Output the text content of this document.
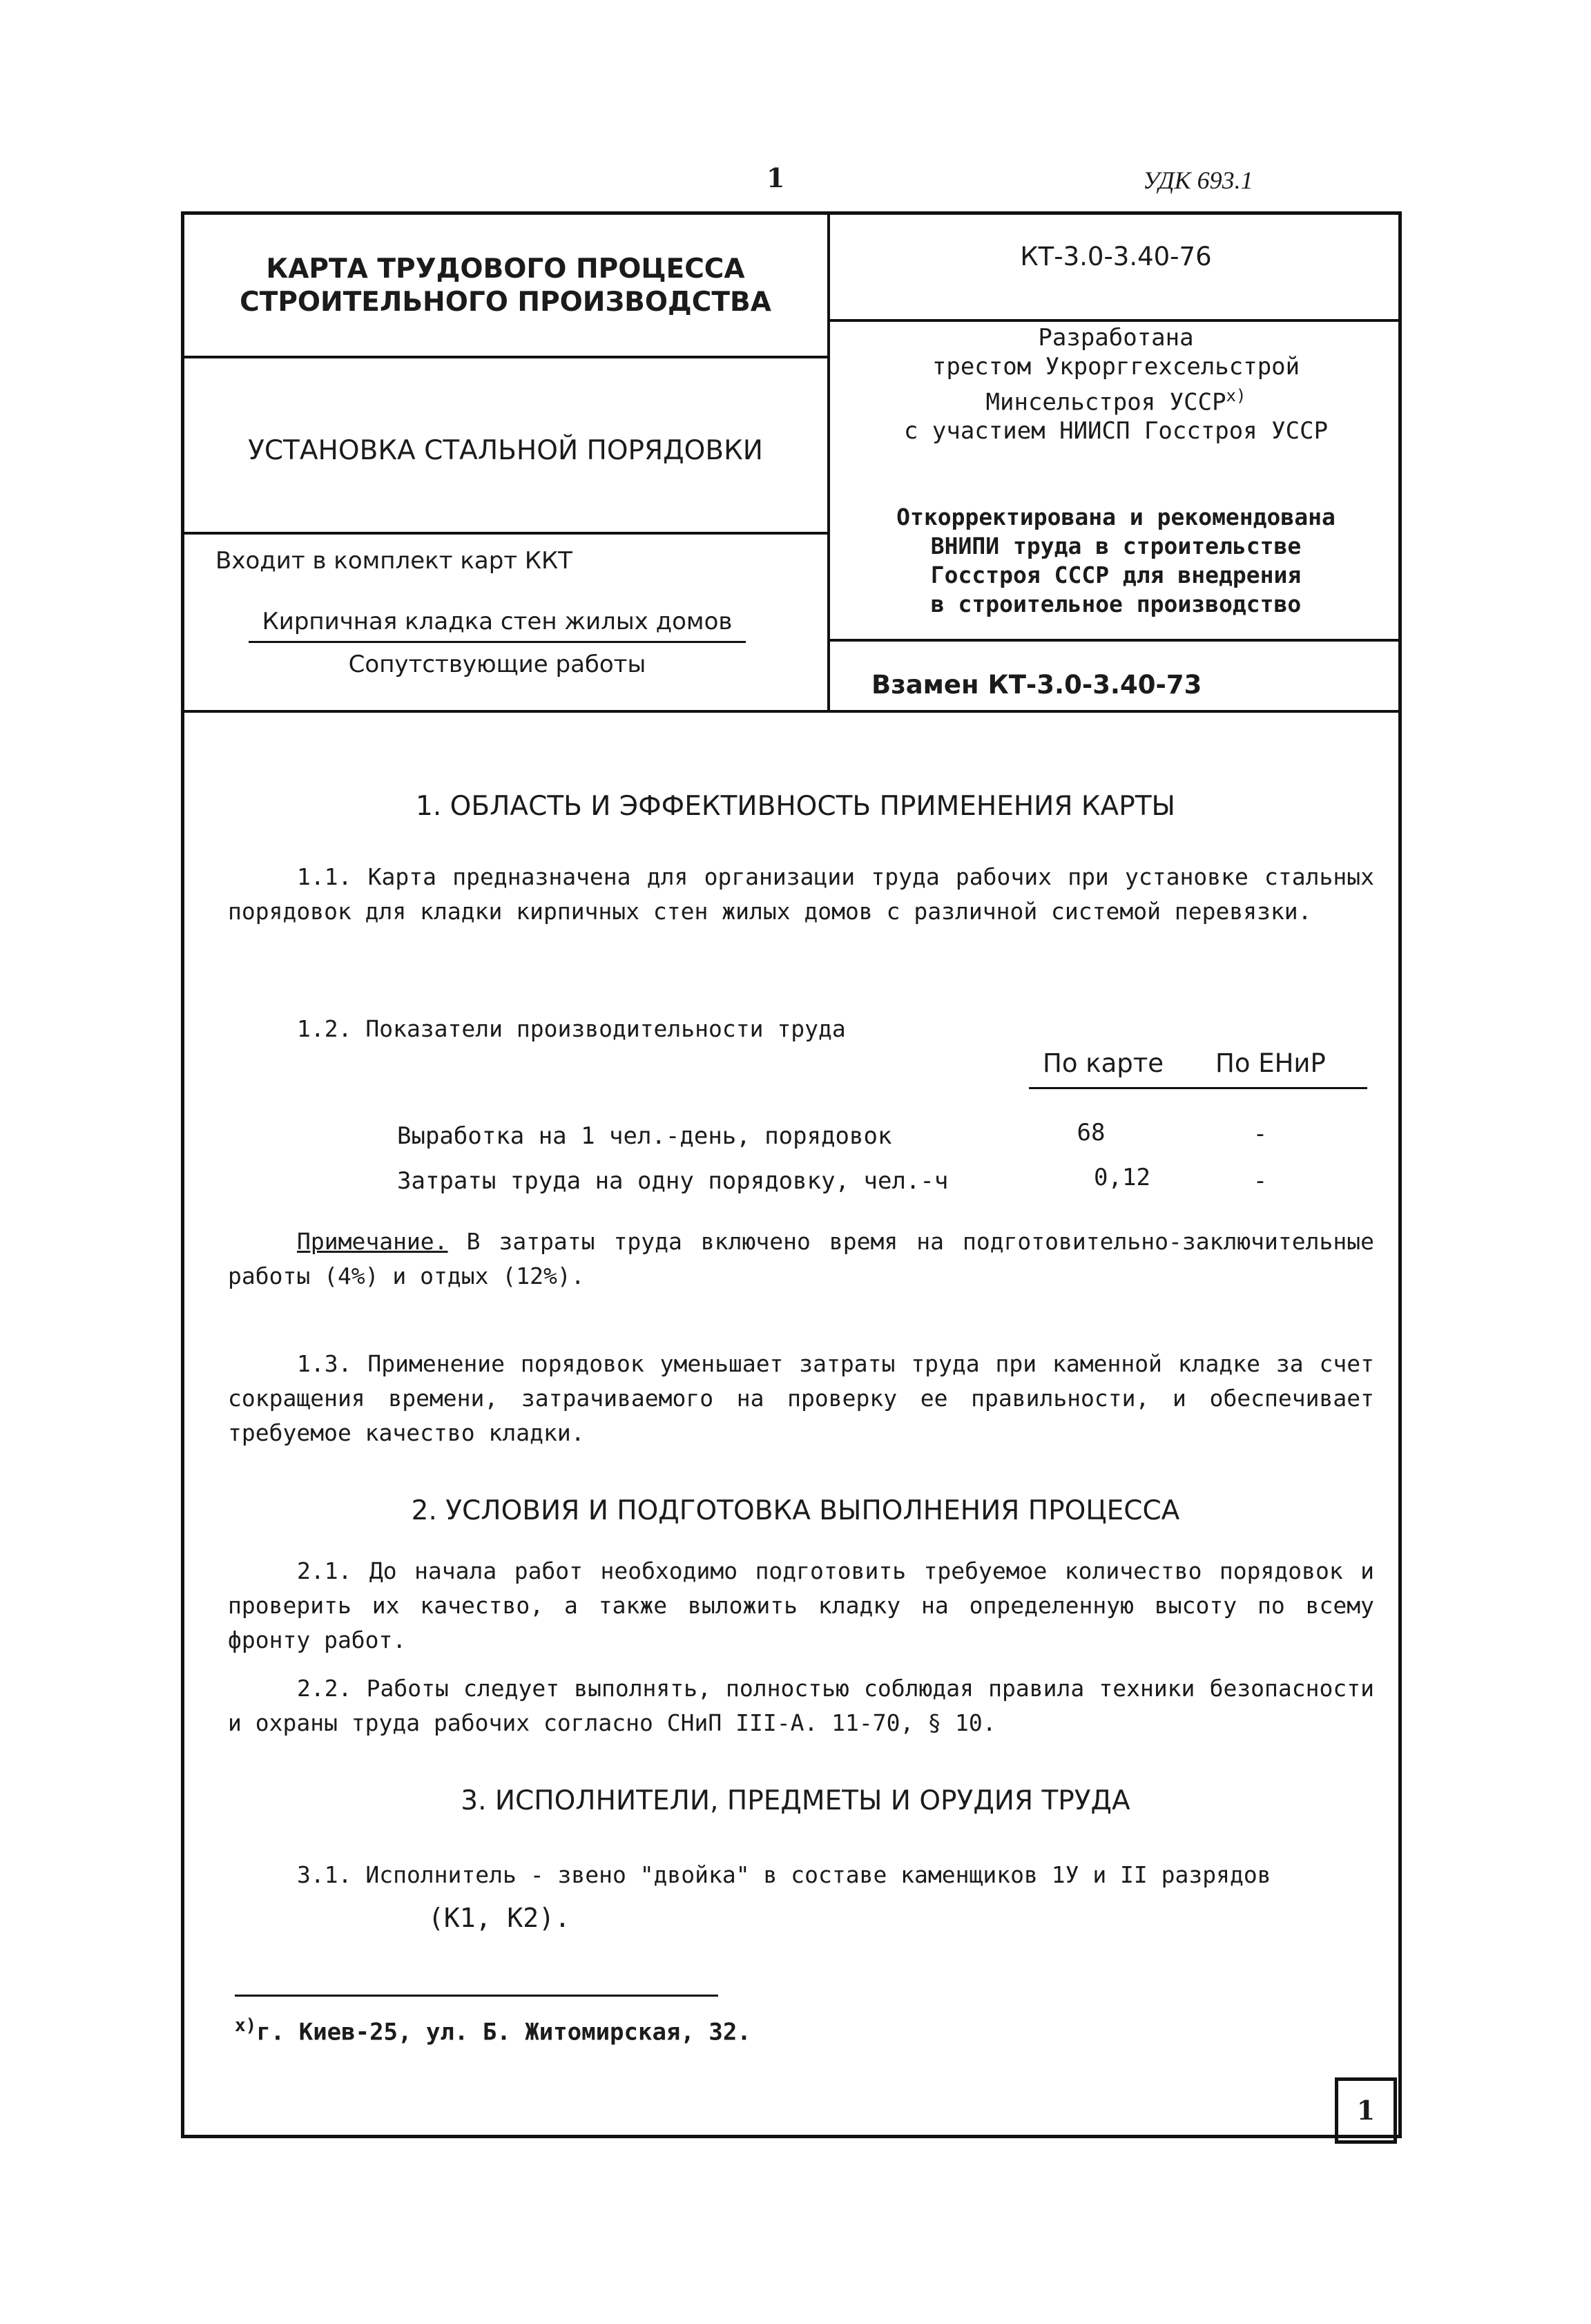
1	УДК 693.1
КАРТА ТРУДОВОГО ПРОЦЕССА
СТРОИТЕЛЬНОГО ПРОИЗВОДСТВА
УСТАНОВКА СТАЛЬНОЙ ПОРЯДОВКИ
Входит в комплект карт ККТ
Кирпичная кладка стен жилых домов
Сопутствующие работы
КТ-3.0-3.40-76
Разработана
трестом Укрорггехсельстрой
Минсельстроя УССР$^{x)}$
с участием НИИСП Госстроя УССР
Откорректирована и рекомендована
ВНИПИ труда в строительстве
Госстроя СССР для внедрения
в строительное производство
Взамен КТ-3.0-3.40-73
1. ОБЛАСТЬ И ЭФФЕКТИВНОСТЬ ПРИМЕНЕНИЯ КАРТЫ
1.1. Карта предназначена для организации труда рабочих при установке стальных порядовок для кладки кирпичных стен жилых домов с различной системой перевязки.
1.2. Показатели производительности труда
По карте По ЕНиР
Выработка на 1 чел.-день, порядовок	68	-
Затраты труда на одну порядовку, чел.-ч	0,12	-
Примечание. В затраты труда включено время на подготовительно-заключительные работы (4%) и отдых (12%).
1.3. Применение порядовок уменьшает затраты труда при каменной кладке за счет сокращения времени, затрачиваемого на проверку ее правильности, и обеспечивает требуемое качество кладки.
2. УСЛОВИЯ И ПОДГОТОВКА ВЫПОЛНЕНИЯ ПРОЦЕССА
2.1. До начала работ необходимо подготовить требуемое количество порядовок и проверить их качество, а также выложить кладку на определенную высоту по всему фронту работ.
2.2. Работы следует выполнять, полностью соблюдая правила техники безопасности и охраны труда рабочих согласно СНиП III-А. 11-70, § 10.
3. ИСПОЛНИТЕЛИ, ПРЕДМЕТЫ И ОРУДИЯ ТРУДА
3.1. Исполнитель - звено "двойка" в составе каменщиков 1У и II разрядов
(К1, К2).
$^{x)}$г. Киев-25, ул. Б. Житомирская, 32.
1
